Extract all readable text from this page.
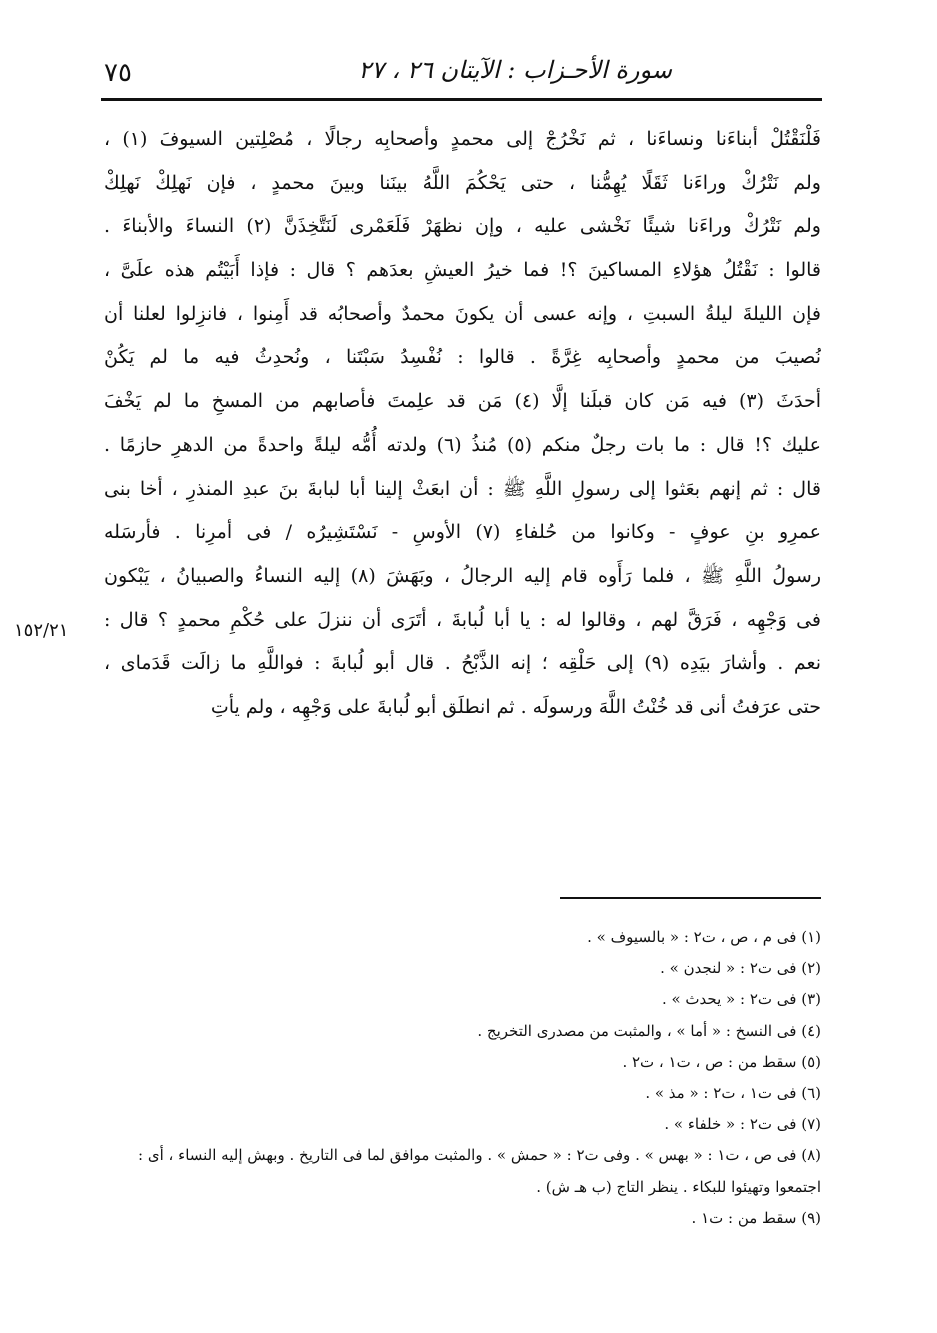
٧٥	سورة الأحـزاب : الآيتان ٢٦ ، ٢٧
١٥٢/٢١
فَلْنَقْتُلْ أبناءَنا ونساءَنا ، ثم نَخْرُجْ إلى محمدٍ وأصحابِه رجالًا ، مُصْلِتين السيوفَ (١) ،
ولم نَتْرُكْ وراءَنا ثَقَلًا يُهِمُّنا ، حتى يَحْكُمَ اللَّهُ بينَنا وبينَ محمدٍ ، فإن نَهلِكْ نَهلِكْ
ولم نَتْرُكْ وراءَنا شيئًا نَخْشى عليه ، وإن نظهَرْ فَلَعَمْرى لَنَتَّخِذَنَّ (٢) النساءَ والأبناءَ .
قالوا : نَقْتُلُ هؤلاءِ المساكينَ ؟! فما خيرُ العيشِ بعدَهم ؟ قال : فإذا أَبَيْتُم هذه علَىَّ ،
فإن الليلةَ ليلةُ السبتِ ، وإنه عسى أن يكونَ محمدٌ وأصحابُه قد أَمِنوا ، فانزِلوا لعلنا أن
نُصيبَ من محمدٍ وأصحابِه غِرَّةً . قالوا : نُفْسِدُ سَبْتَنا ، ونُحدِثُ فيه ما لم يَكُنْ
أحدَثَ (٣) فيه مَن كان قبلَنا إلَّا (٤) مَن قد علِمتَ فأصابهم من المسخِ ما لم يَخْفَ
عليك ؟! قال : ما بات رجلٌ منكم (٥) مُنذُ (٦) ولدته أُمُّه ليلةً واحدةً من الدهرِ حازمًا .
قال : ثم إنهم بعَثوا إلى رسولِ اللَّهِ ﷺ : أن ابعَثْ إلينا أبا لبابةَ بنَ عبدِ المنذرِ ، أخا بنى
عمرِو بنِ عوفٍ - وكانوا من حُلفاءِ (٧) الأوسِ - نَسْتَشِيرُه / فى أمرِنا . فأرسَله
رسولُ اللَّهِ ﷺ ، فلما رَأَوه قام إليه الرجالُ ، وبَهَشَ (٨) إليه النساءُ والصبيانُ ، يَبْكون
فى وَجْهِه ، فَرَقَّ لهم ، وقالوا له : يا أبا لُبابةَ ، أتَرَى أن ننزلَ على حُكْمِ محمدٍ ؟ قال :
نعم . وأشارَ بيَدِه (٩) إلى حَلْقِه ؛ إنه الذَّبْحُ . قال أبو لُبابةَ : فواللَّهِ ما زالَت قَدَماى ،
حتى عرَفتُ أنى قد خُنْتُ اللَّهَ ورسولَه . ثم انطلَق أبو لُبابةَ على وَجْهِه ، ولم يأتِ
(١) فى م ، ص ، ت٢ : « بالسيوف » .
(٢) فى ت٢ : « لنجدن » .
(٣) فى ت٢ : « يحدث » .
(٤) فى النسخ : « أما » ، والمثبت من مصدرى التخريج .
(٥) سقط من : ص ، ت١ ، ت٢ .
(٦) فى ت١ ، ت٢ : « مذ » .
(٧) فى ت٢ : « خلفاء » .
(٨) فى ص ، ت١ : « بهس » . وفى ت٢ : « حمش » . والمثبت موافق لما فى التاريخ . وبهش إليه النساء ، أى :
اجتمعوا وتهيئوا للبكاء . ينظر التاج (ب هـ ش) .
(٩) سقط من : ت١ .
